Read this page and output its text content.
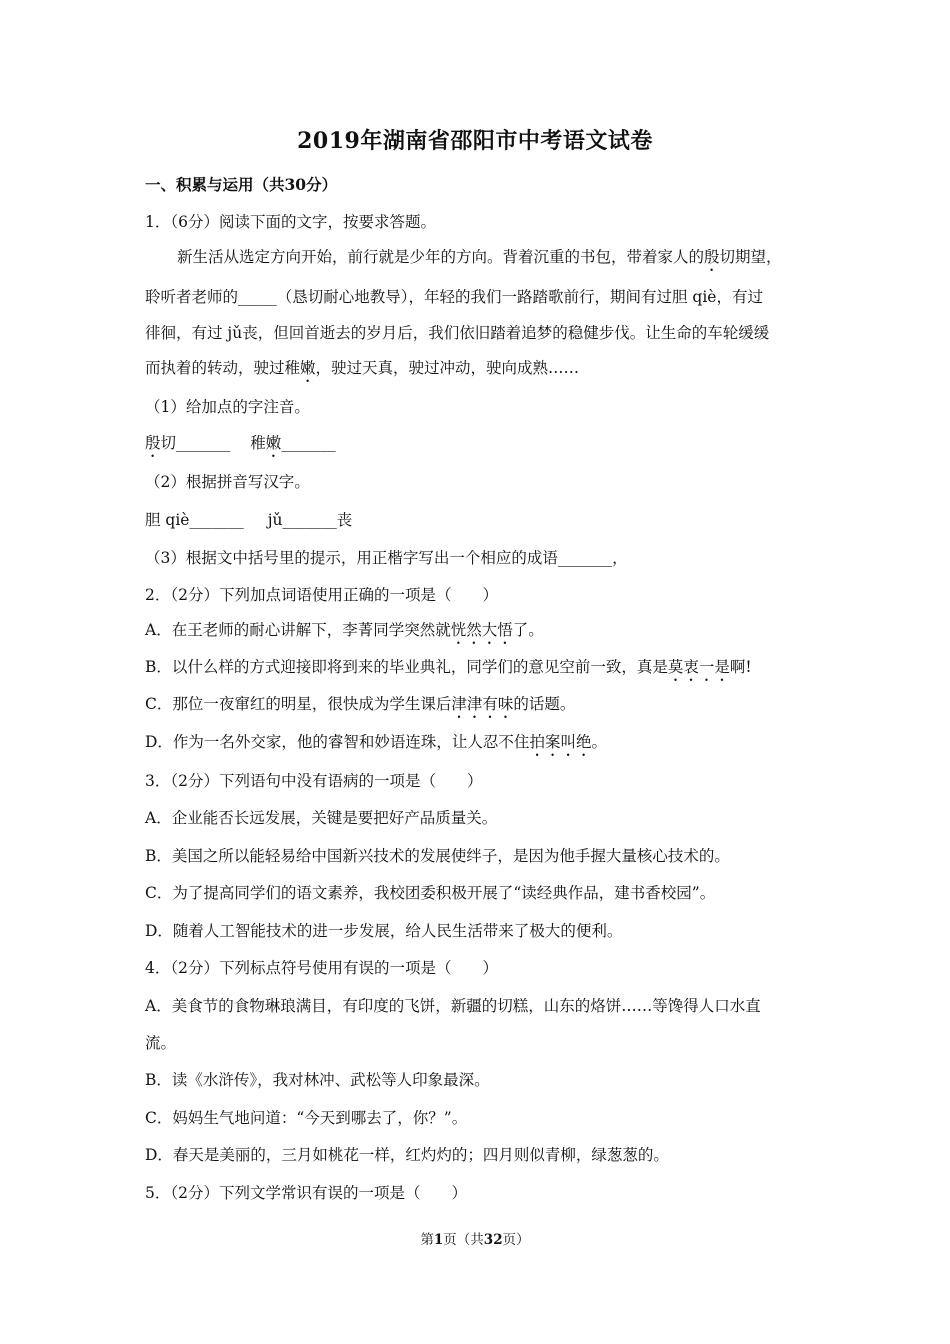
2019年湖南省邵阳市中考语文试卷
一、积累与运用（共30分）
1．（6分）阅读下面的文字，按要求答题。
新生活从选定方向开始，前行就是少年的方向。背着沉重的书包，带着家人的殷切期望，
聆听者老师的_____（恳切耐心地教导），年轻的我们一路踏歌前行，期间有过胆 qiè，有过
徘徊，有过 jǔ丧，但回首逝去的岁月后，我们依旧踏着追梦的稳健步伐。让生命的车轮缓缓
而执着的转动，驶过稚嫩，驶过天真，驶过冲动，驶向成熟……
（1）给加点的字注音。
殷切_______ 稚嫩_______
（2）根据拼音写汉字。
胆 qiè_______ jǔ_______丧
（3）根据文中括号里的提示，用正楷字写出一个相应的成语_______，
2．（2分）下列加点词语使用正确的一项是（　　）
A．在王老师的耐心讲解下，李菁同学突然就恍然大悟了。
B．以什么样的方式迎接即将到来的毕业典礼，同学们的意见空前一致，真是莫衷一是啊!
C．那位一夜窜红的明星，很快成为学生课后津津有味的话题。
D．作为一名外交家，他的睿智和妙语连珠，让人忍不住拍案叫绝。
3．（2分）下列语句中没有语病的一项是（　　）
A．企业能否长远发展，关键是要把好产品质量关。
B．美国之所以能轻易给中国新兴技术的发展使绊子，是因为他手握大量核心技术的。
C．为了提高同学们的语文素养，我校团委积极开展了“读经典作品，建书香校园”。
D．随着人工智能技术的进一步发展，给人民生活带来了极大的便利。
4．（2分）下列标点符号使用有误的一项是（　　）
A．美食节的食物琳琅满目，有印度的飞饼，新疆的切糕，山东的烙饼……等馋得人口水直
流。
B．读《水浒传》，我对林冲、武松等人印象最深。
C．妈妈生气地问道：“今天到哪去了，你？”。
D．春天是美丽的，三月如桃花一样，红灼灼的；四月则似青柳，绿葱葱的。
5．（2分）下列文学常识有误的一项是（　　）
第1页（共32页）
